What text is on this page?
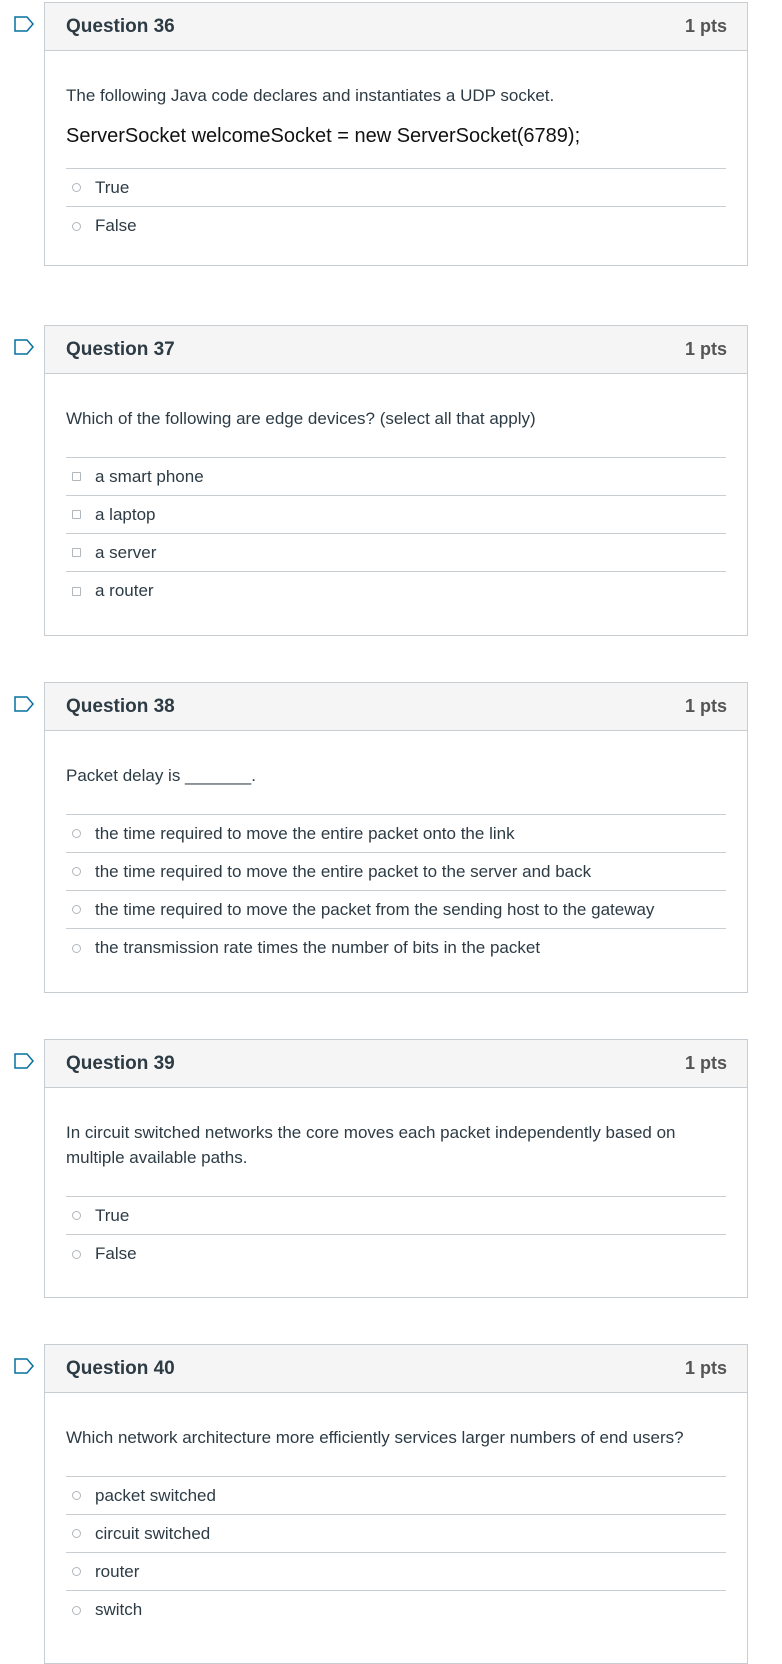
Question 36	1 pts

The following Java code declares and instantiates a UDP socket.

ServerSocket welcomeSocket = new ServerSocket(6789);
True
False
Question 37	1 pts

Which of the following are edge devices? (select all that apply)

a smart phone
a laptop
a server
a router
Question 38	1 pts

Packet delay is _______.

the time required to move the entire packet onto the link
the time required to move the entire packet to the server and back
the time required to move the packet from the sending host to the gateway
the transmission rate times the number of bits in the packet
Question 39	1 pts

In circuit switched networks the core moves each packet independently based on multiple available paths.

True
False
Question 40	1 pts

Which network architecture more efficiently services larger numbers of end users?

packet switched
circuit switched
router
switch
